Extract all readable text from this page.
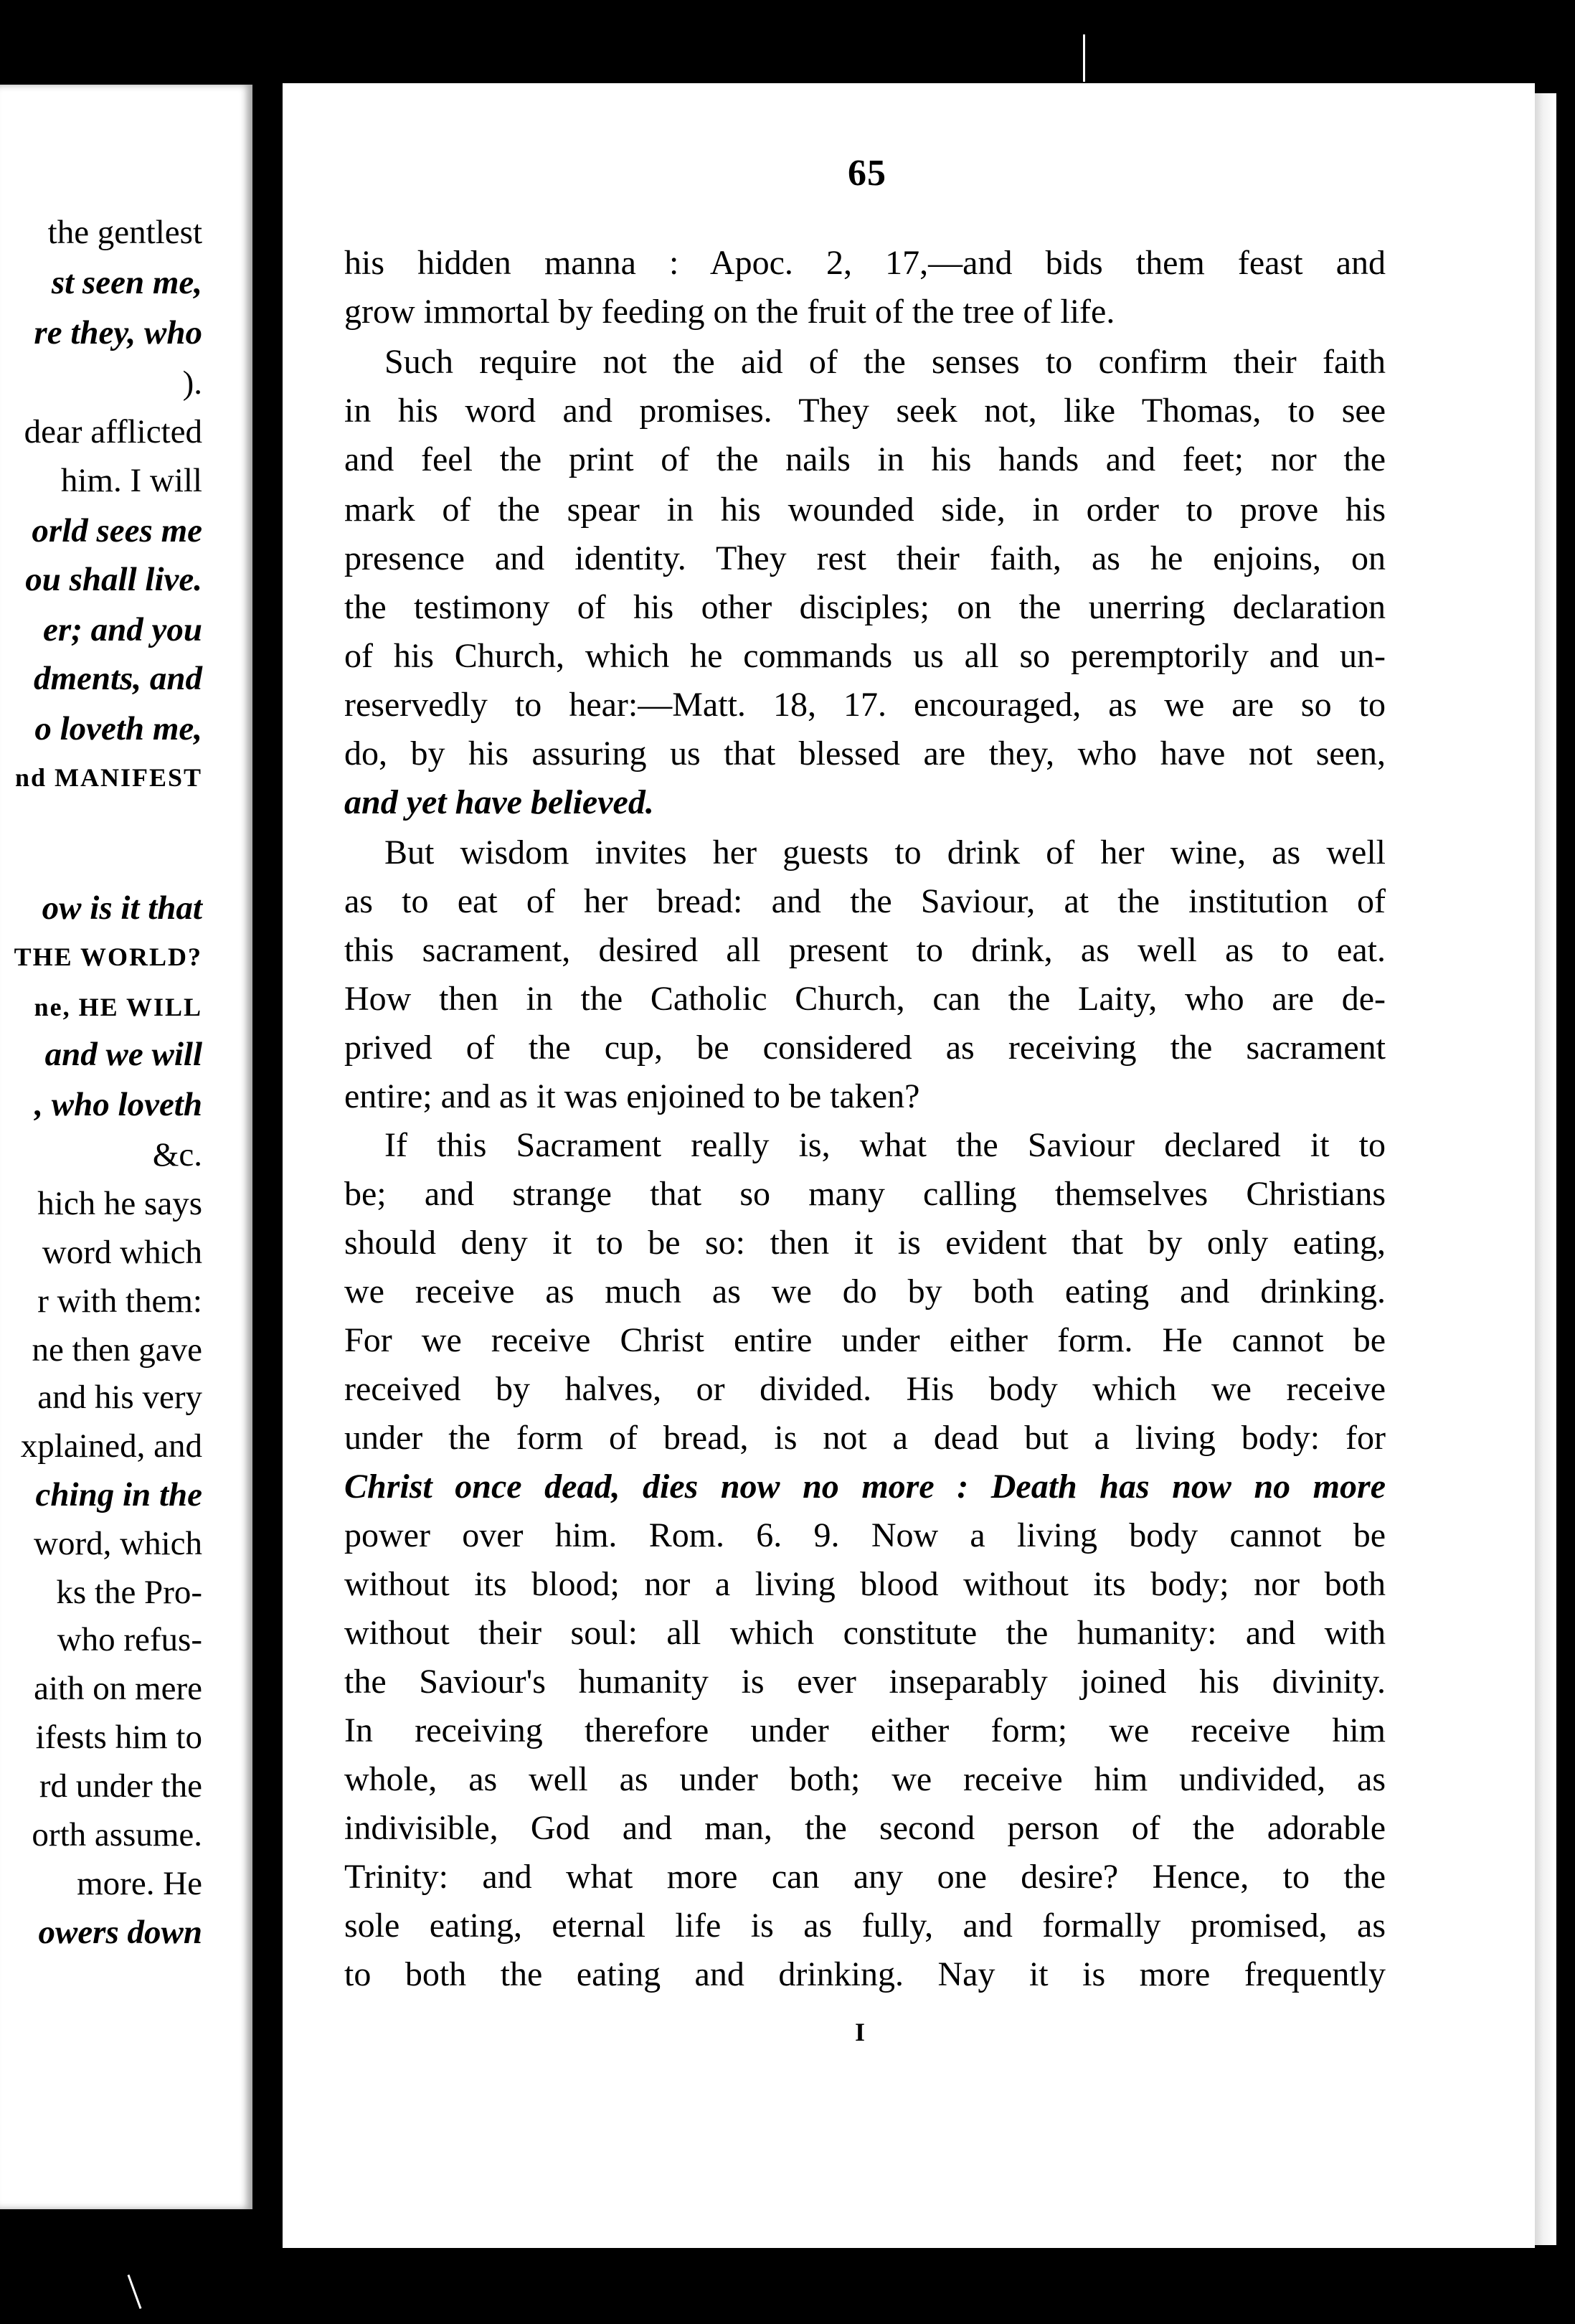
the gentlest
st seen me,
re they, who
).
dear afflicted
him. I will
orld sees me
ou shall live.
er; and you
dments, and
o loveth me,
nd MANIFEST
ow is it that
THE WORLD?
ne, HE WILL
and we will
, who loveth
&c.
hich he says
word which
r with them:
ne then gave
and his very
xplained, and
ching in the
word, which
ks the Pro-
who refus-
aith on mere
ifests him to
rd under the
orth assume.
more. He
owers down
65
his hidden manna : Apoc. 2, 17,—and bids them feast and
grow immortal by feeding on the fruit of the tree of life.
Such require not the aid of the senses to confirm their faith
in his word and promises. They seek not, like Thomas, to see
and feel the print of the nails in his hands and feet; nor the
mark of the spear in his wounded side, in order to prove his
presence and identity. They rest their faith, as he enjoins, on
the testimony of his other disciples; on the unerring declaration
of his Church, which he commands us all so peremptorily and un-
reservedly to hear:—Matt. 18, 17. encouraged, as we are so to
do, by his assuring us that blessed are they, who have not seen,
and yet have believed.
But wisdom invites her guests to drink of her wine, as well
as to eat of her bread: and the Saviour, at the institution of
this sacrament, desired all present to drink, as well as to eat.
How then in the Catholic Church, can the Laity, who are de-
prived of the cup, be considered as receiving the sacrament
entire; and as it was enjoined to be taken?
If this Sacrament really is, what the Saviour declared it to
be; and strange that so many calling themselves Christians
should deny it to be so: then it is evident that by only eating,
we receive as much as we do by both eating and drinking.
For we receive Christ entire under either form. He cannot be
received by halves, or divided. His body which we receive
under the form of bread, is not a dead but a living body: for
Christ once dead, dies now no more : Death has now no more
power over him. Rom. 6. 9. Now a living body cannot be
without its blood; nor a living blood without its body; nor both
without their soul: all which constitute the humanity: and with
the Saviour's humanity is ever inseparably joined his divinity.
In receiving therefore under either form; we receive him
whole, as well as under both; we receive him undivided, as
indivisible, God and man, the second person of the adorable
Trinity: and what more can any one desire? Hence, to the
sole eating, eternal life is as fully, and formally promised, as
to both the eating and drinking. Nay it is more frequently
I
